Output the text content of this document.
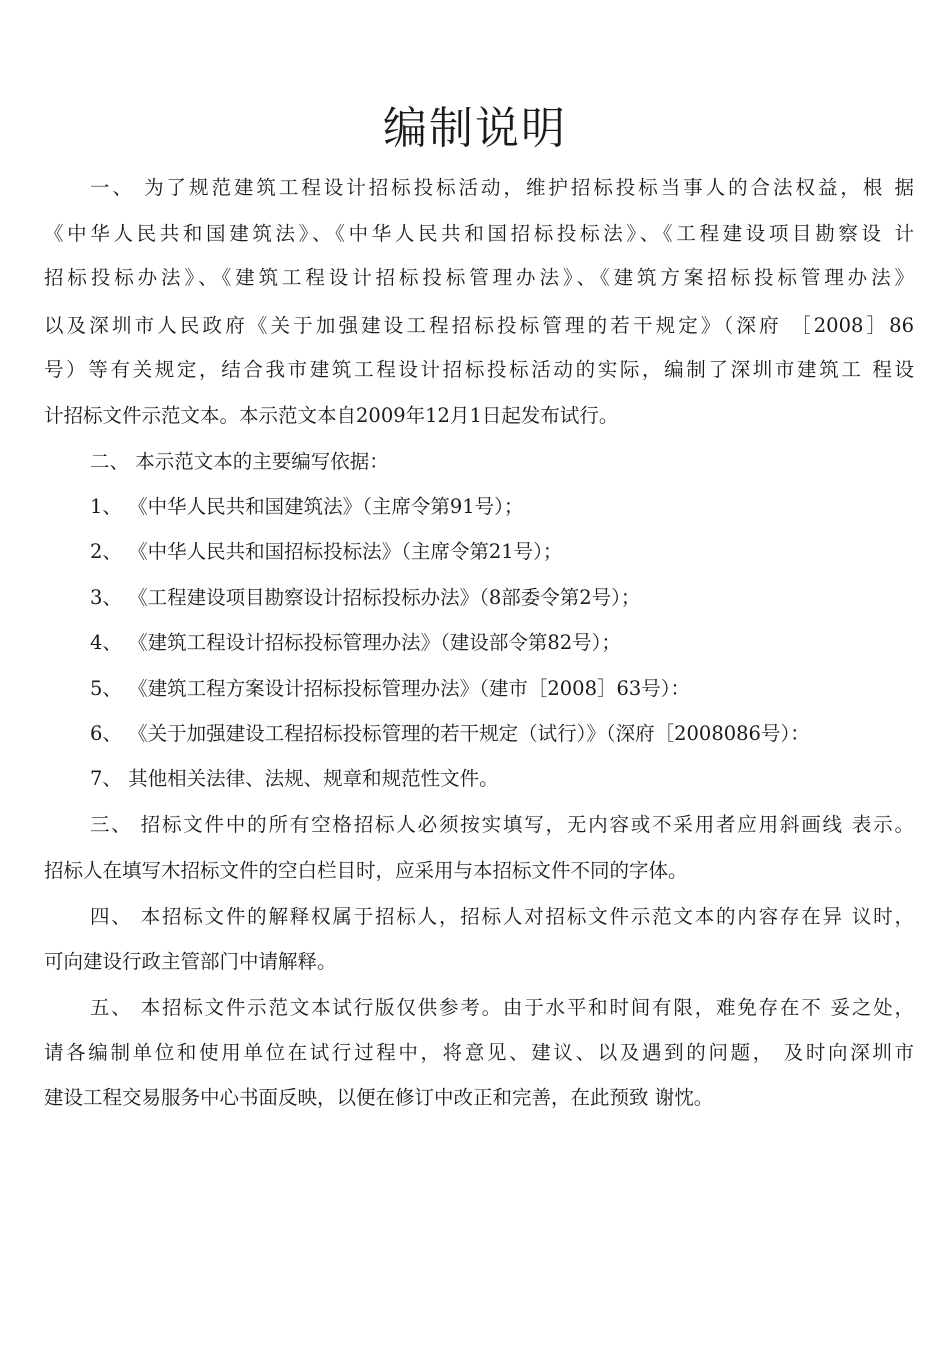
编制说明
一、 为了规范建筑工程设计招标投标活动，维护招标投标当事人的合法权益，根 据
《中华人民共和国建筑法》、《中华人民共和国招标投标法》、《工程建设项目勘察设 计
招标投标办法》、《建筑工程设计招标投标管理办法》、《建筑方案招标投标管理办法》
以及深圳市人民政府《关于加强建设工程招标投标管理的若干规定》（深府 ［2008］86
号）等有关规定，结合我市建筑工程设计招标投标活动的实际，编制了深圳市建筑工 程设
计招标文件示范文本。本示范文本自2009年12月1日起发布试行。
二、 本示范文本的主要编写依据：
1、 《中华人民共和国建筑法》（主席令第91号）；
2、 《中华人民共和国招标投标法》（主席令第21号）；
3、 《工程建设项目勘察设计招标投标办法》（8部委令第2号）；
4、 《建筑工程设计招标投标管理办法》（建设部令第82号）；
5、 《建筑工程方案设计招标投标管理办法》（建市［2008］63号）：
6、 《关于加强建设工程招标投标管理的若干规定（试行）》（深府［2008086号）：
7、 其他相关法律、法规、规章和规范性文件。
三、 招标文件中的所有空格招标人必须按实填写，无内容或不采用者应用斜画线 表示。
招标人在填写木招标文件的空白栏目时，应采用与本招标文件不同的字体。
四、 本招标文件的解释权属于招标人，招标人对招标文件示范文本的内容存在异 议时，
可向建设行政主管部门中请解释。
五、 本招标文件示范文本试行版仅供参考。由于水平和时间有限，难免存在不 妥之处，
请各编制单位和使用单位在试行过程中，将意见、建议、以及遇到的问题， 及时向深圳市
建设工程交易服务中心书面反映，以便在修订中改正和完善，在此预致 谢忱。
